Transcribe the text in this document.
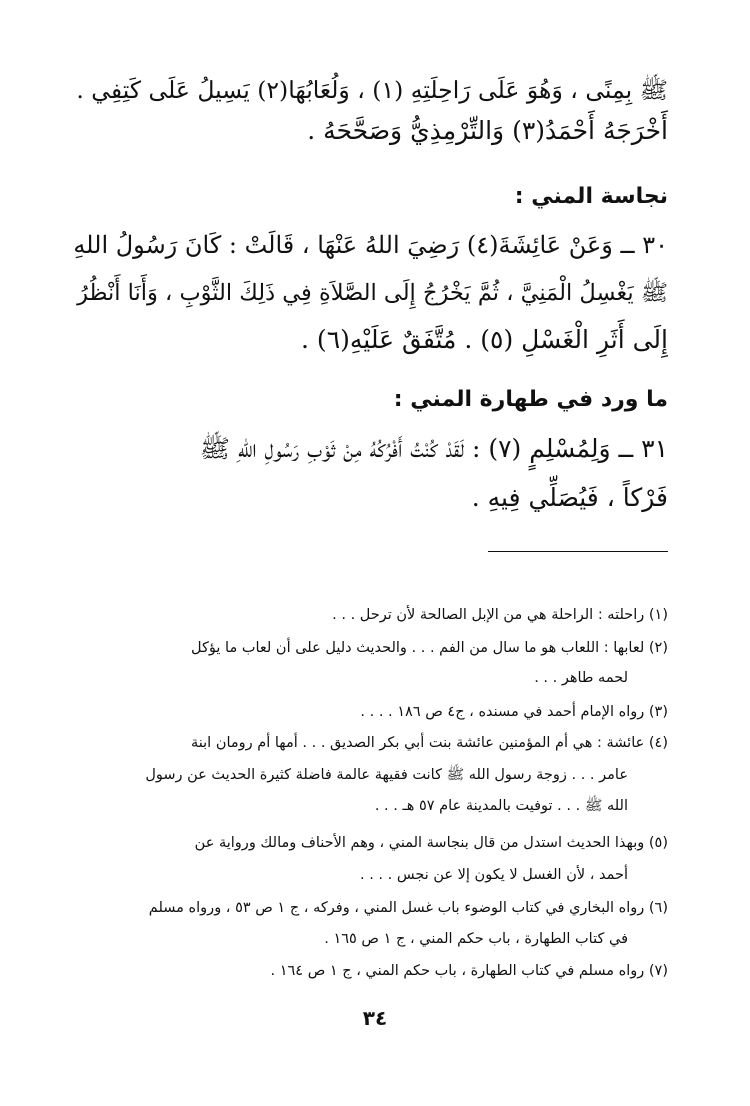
ﷺ بِمِنًى ، وَهُوَ عَلَى رَاحِلَتِهِ (١) ، وَلُعَابُهَا(٢) يَسِيلُ عَلَى كَتِفِي .
أَخْرَجَهُ أَحْمَدُ(٣) وَالتِّرْمِذِيُّ وَصَحَّحَهُ .
نجاسة المني :
٣٠ ــ وَعَنْ عَائِشَةَ(٤) رَضِيَ اللهُ عَنْهَا ، قَالَتْ : كَانَ رَسُولُ اللهِ
ﷺ يَغْسِلُ الْمَنِيَّ ، ثُمَّ يَخْرُجُ إِلَى الصَّلاَةِ فِي ذَلِكَ الثَّوْبِ ، وَأَنَا أَنْظُرُ
إِلَى أَثَرِ الْغَسْلِ (٥) . مُتَّفَقٌ عَلَيْهِ(٦) .
ما ورد في طهارة المني :
٣١ ــ وَلِمُسْلِمٍ (٧) : لَقَدْ كُنْتُ أَفْرُكُهُ مِنْ ثَوْبِ رَسُولِ اللهِ ﷺ
فَرْكاً ، فَيُصَلِّي فِيهِ .
(١) راحلته : الراحلة هي من الإبل الصالحة لأن ترحل . . .
(٢) لعابها : اللعاب هو ما سال من الفم . . . والحديث دليل على أن لعاب ما يؤكل
لحمه طاهر . . .
(٣) رواه الإمام أحمد في مسنده ، ج٤ ص ١٨٦ . . . .
(٤) عائشة : هي أم المؤمنين عائشة بنت أبي بكر الصديق . . . أمها أم رومان ابنة
عامر . . . زوجة رسول الله ﷺ كانت فقيهة عالمة فاضلة كثيرة الحديث عن رسول
الله ﷺ . . . توفيت بالمدينة عام ٥٧ هـ . . .
(٥) وبهذا الحديث استدل من قال بنجاسة المني ، وهم الأحناف ومالك ورواية عن
أحمد ، لأن الغسل لا يكون إلا عن نجس . . . .
(٦) رواه البخاري في كتاب الوضوء باب غسل المني ، وفركه ، ج ١ ص ٥٣ ، ورواه مسلم
في كتاب الطهارة ، باب حكم المني ، ج ١ ص ١٦٥ .
(٧) رواه مسلم في كتاب الطهارة ، باب حكم المني ، ج ١ ص ١٦٤ .
٣٤
